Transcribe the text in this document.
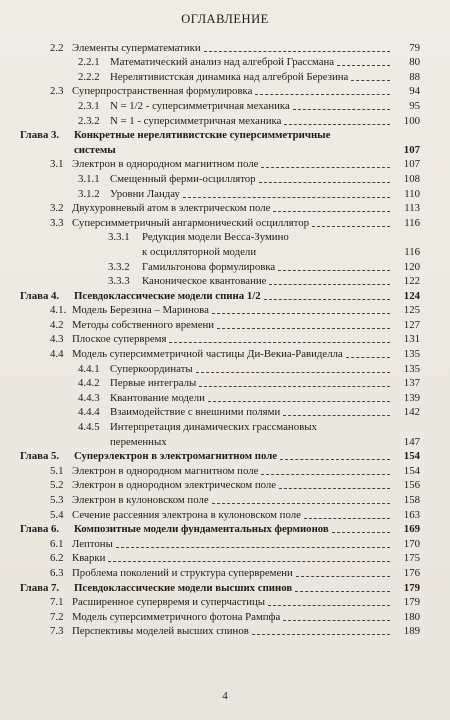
ОГЛАВЛЕНИЕ
2.2 Элементы суперматематики	79
2.2.1 Математический анализ над алгеброй Грассмана	80
2.2.2 Нерелятивистская динамика над алгеброй Березина	88
2.3 Суперпространственная формулировка	94
2.3.1 N = 1/2 - суперсимметричная механика	95
2.3.2 N = 1 - суперсимметричная механика	100
Глава 3.	Конкретные нерелятивистские суперсимметричные
системы	107
3.1 Электрон в однородном магнитном поле	107
3.1.1 Смещенный ферми-осциллятор	108
3.1.2 Уровни Ландау	110
3.2 Двухуровневый атом в электрическом поле	113
3.3 Суперсимметричный ангармонический осциллятор	116
3.3.1	Редукция модели Весса-Зумино
к осцилляторной модели	116
3.3.2	Гамильтонова формулировка	120
3.3.3	Каноническое квантование	122
Глава 4.	Псевдоклассические модели спина 1/2	124
4.1. Модель Березина – Маринова	125
4.2 Методы собственного времени	127
4.3 Плоское супервремя	131
4.4 Модель суперсимметричной частицы Ди-Векиа-Равиделла	135
4.4.1 Суперкоординаты	135
4.4.2 Первые интегралы	137
4.4.3 Квантование модели	139
4.4.4 Взаимодействие с внешними полями	142
4.4.5 Интерпретация динамических грассмановых
переменных	147
Глава 5.	Суперэлектрон в электромагнитном поле	154
5.1 Электрон в однородном магнитном поле	154
5.2 Электрон в однородном электрическом поле	156
5.3 Электрон в кулоновском поле	158
5.4 Сечение рассеяния электрона в кулоновском поле	163
Глава 6.	Композитные модели фундаментальных фермионов	169
6.1 Лептоны	170
6.2 Кварки	175
6.3 Проблема поколений и структура супервремени	176
Глава 7.	Псевдоклассические модели высших спинов	179
7.1 Расширенное супервремя и суперчастицы	179
7.2 Модель суперсимметричного фотона Рампфа	180
7.3 Перспективы моделей высших спинов	189
4
